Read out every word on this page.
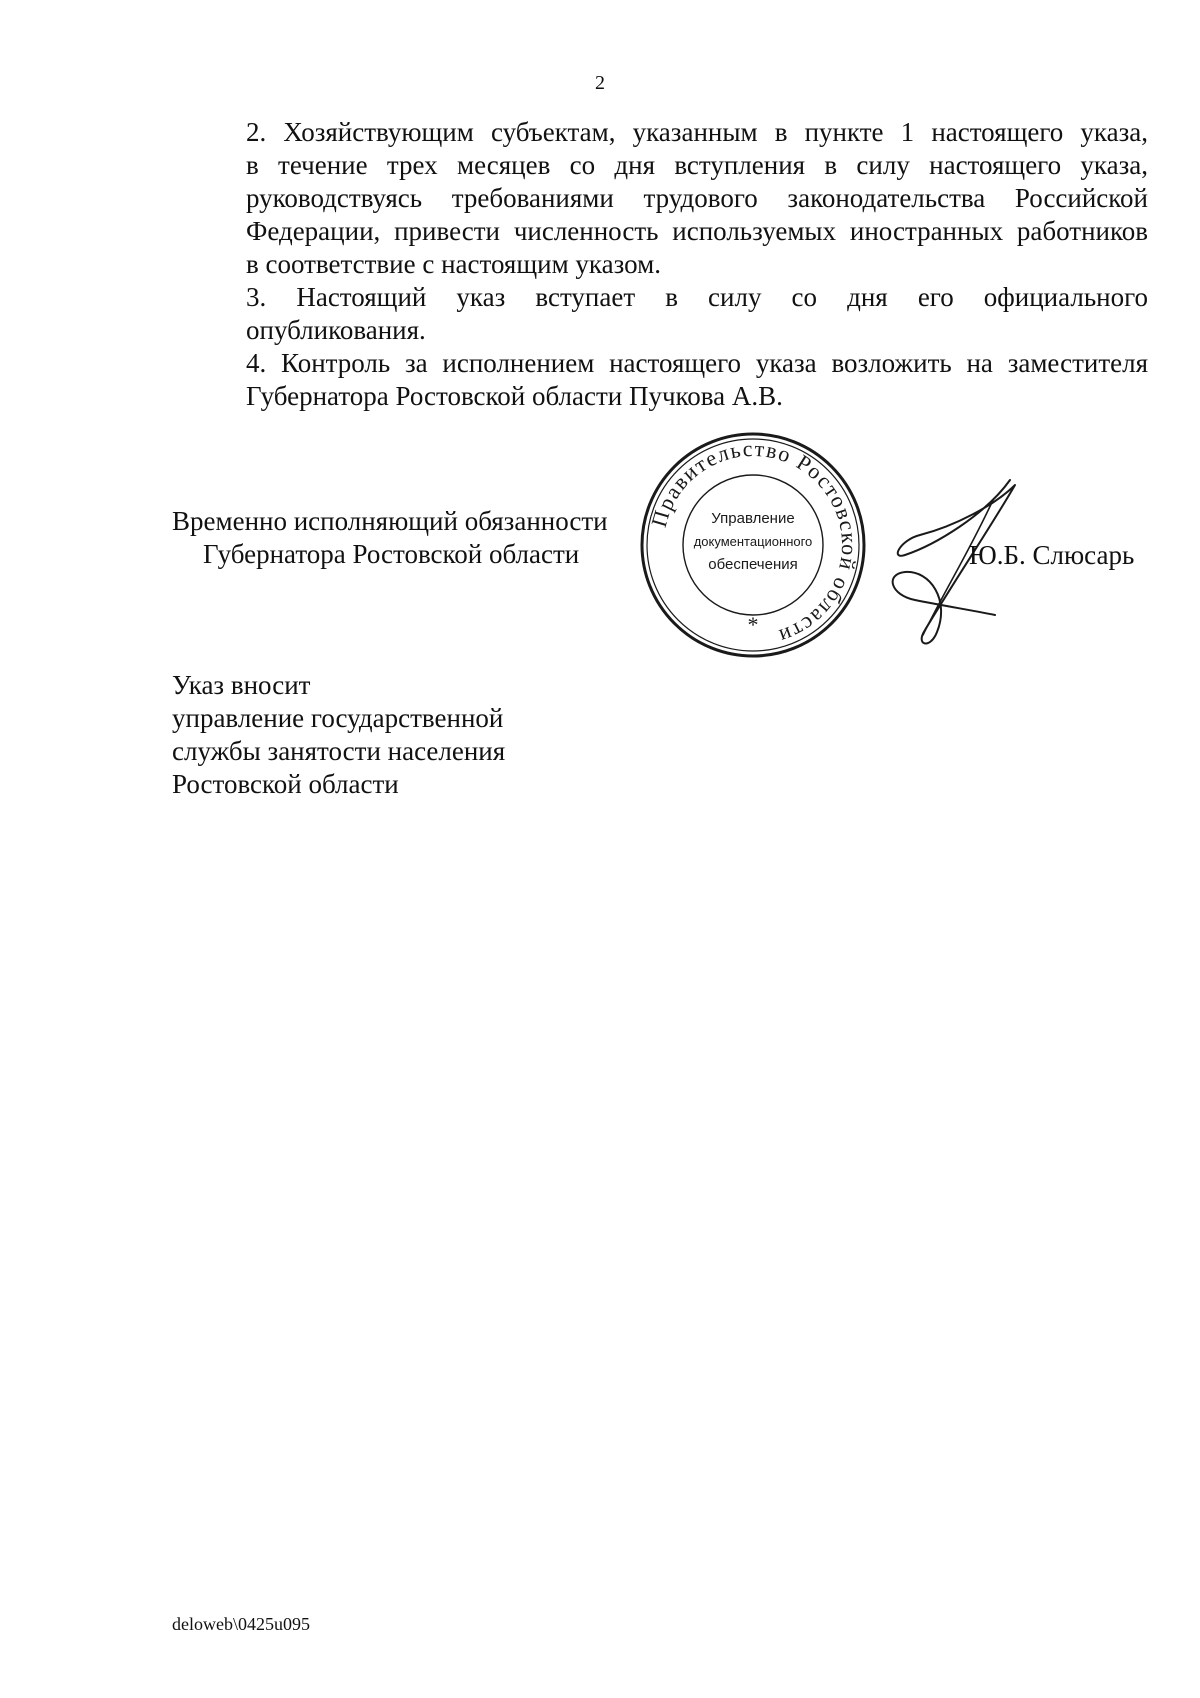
2

2. Хозяйствующим субъектам, указанным в пункте 1 настоящего указа,
в течение трех месяцев со дня вступления в силу настоящего указа,
руководствуясь требованиями трудового законодательства Российской
Федерации, привести численность используемых иностранных работников
в соответствие с настоящим указом.

3. Настоящий указ вступает в силу со дня его официального
опубликования.

4. Контроль за исполнением настоящего указа возложить на заместителя
Губернатора Ростовской области Пучкова А.В.

Временно исполняющий обязанности
Губернатора Ростовской области
Правительство Ростовской области
Управление
документационного
обеспечения
*
Ю.Б. Слюсарь
Указ вносит
управление государственной
службы занятости населения
Ростовской области
deloweb\0425u095
